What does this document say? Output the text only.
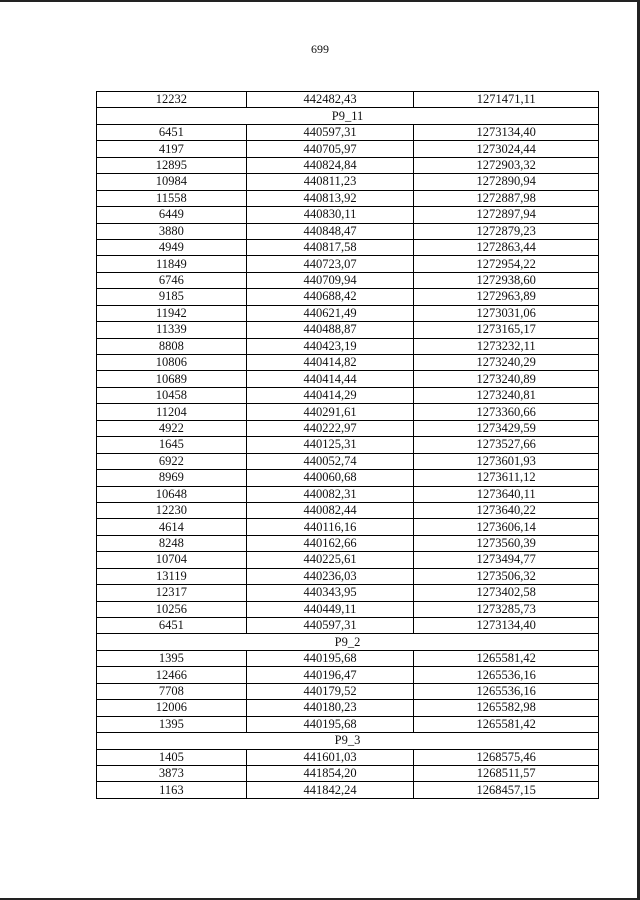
699
12232	442482,43	1271471,11
Р9_11		
6451	440597,31	1273134,40
4197	440705,97	1273024,44
12895	440824,84	1272903,32
10984	440811,23	1272890,94
11558	440813,92	1272887,98
6449	440830,11	1272897,94
3880	440848,47	1272879,23
4949	440817,58	1272863,44
11849	440723,07	1272954,22
6746	440709,94	1272938,60
9185	440688,42	1272963,89
11942	440621,49	1273031,06
11339	440488,87	1273165,17
8808	440423,19	1273232,11
10806	440414,82	1273240,29
10689	440414,44	1273240,89
10458	440414,29	1273240,81
11204	440291,61	1273360,66
4922	440222,97	1273429,59
1645	440125,31	1273527,66
6922	440052,74	1273601,93
8969	440060,68	1273611,12
10648	440082,31	1273640,11
12230	440082,44	1273640,22
4614	440116,16	1273606,14
8248	440162,66	1273560,39
10704	440225,61	1273494,77
13119	440236,03	1273506,32
12317	440343,95	1273402,58
10256	440449,11	1273285,73
6451	440597,31	1273134,40
Р9_2		
1395	440195,68	1265581,42
12466	440196,47	1265536,16
7708	440179,52	1265536,16
12006	440180,23	1265582,98
1395	440195,68	1265581,42
Р9_3		
1405	441601,03	1268575,46
3873	441854,20	1268511,57
1163	441842,24	1268457,15
